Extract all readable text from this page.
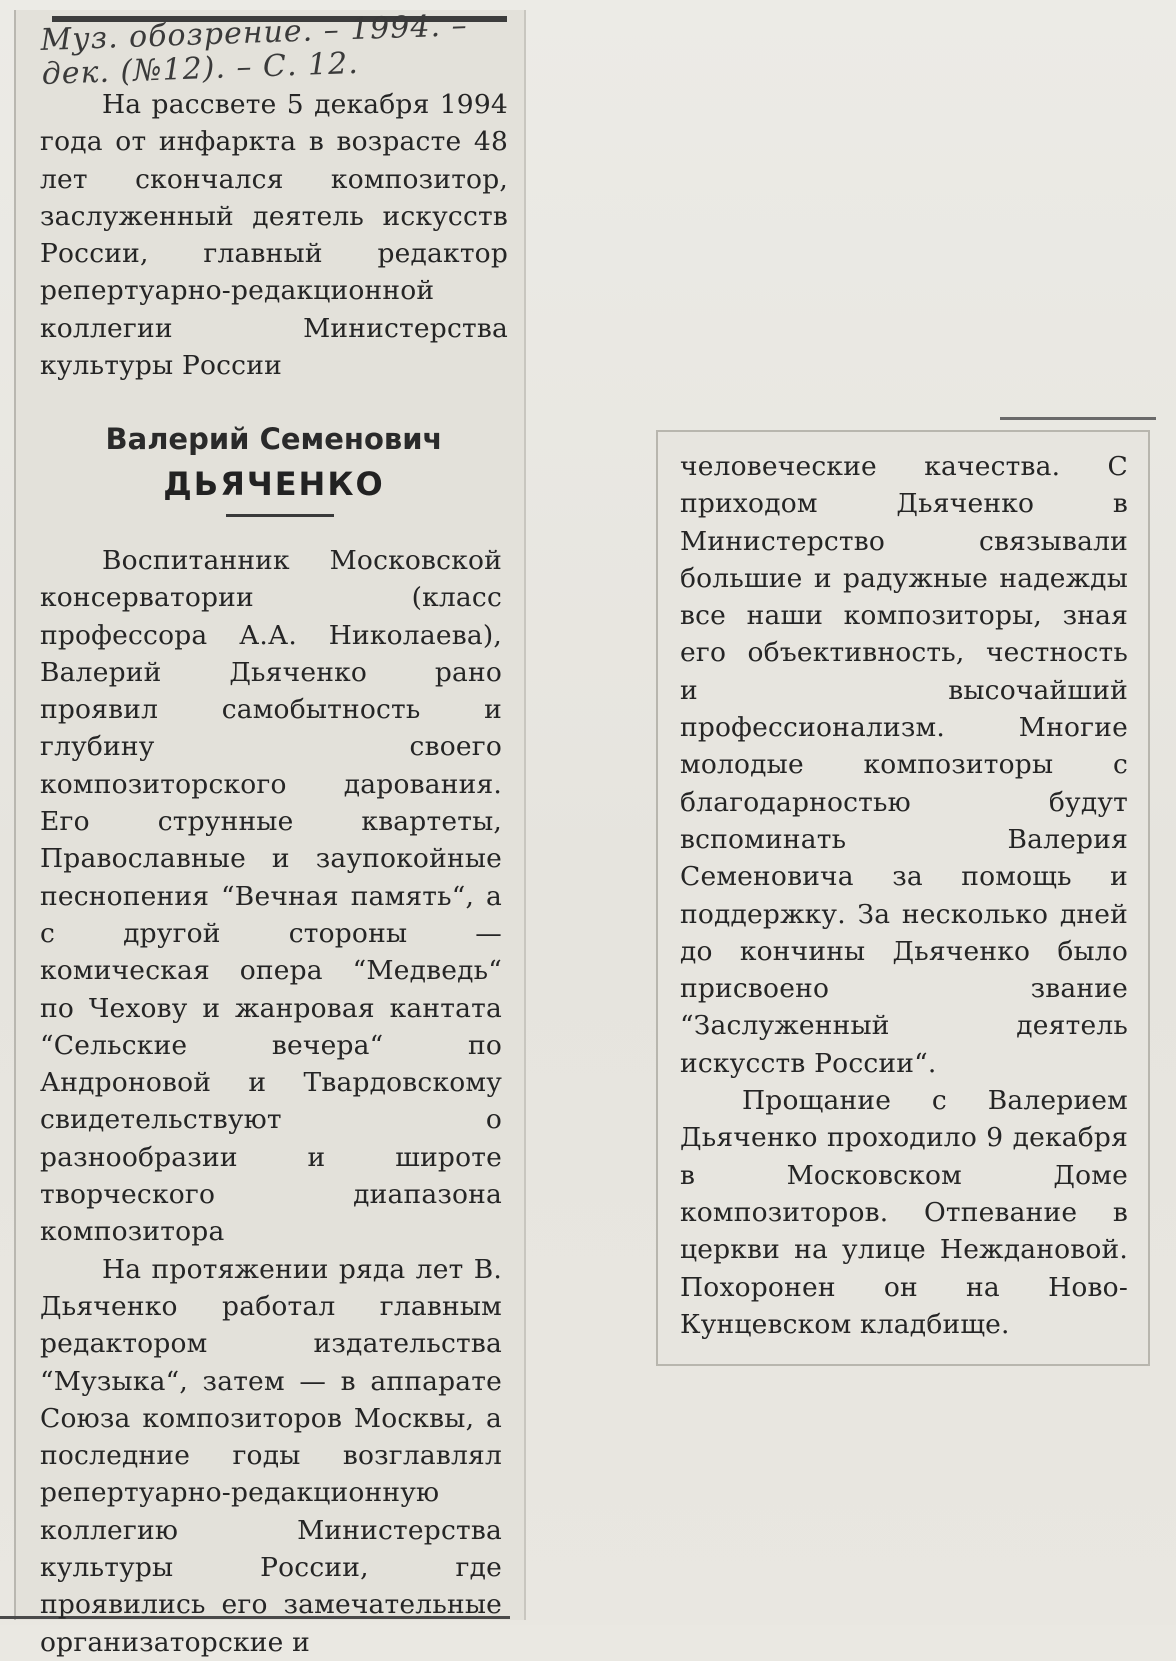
Муз. обозрение. – 1994. –
дек. (№12). – С. 12.

На рассвете 5 декабря 1994 года от инфаркта в возрасте 48 лет скончался композитор, заслуженный деятель искусств России, главный редактор репертуарно-редакционной коллегии Министерства культуры России

Валерий Семенович
ДЬЯЧЕНКО

Воспитанник Московской консерватории (класс профессора А.А. Николаева), Валерий Дьяченко рано проявил самобытность и глубину своего композиторского дарования. Его струнные квартеты, Православные и заупокойные песнопения “Вечная память“, а с другой стороны — комическая опера “Медведь“ по Чехову и жанровая кантата “Сельские вечера“ по Андроновой и Твардовскому свидетельствуют о разнообразии и широте творческого диапазона композитора

На протяжении ряда лет В. Дьяченко работал главным редактором издательства “Музыка“, затем — в аппарате Союза композиторов Москвы, а последние годы возглавлял репертуарно-редакционную коллегию Министерства культуры России, где проявились его замечательные организаторские и

человеческие качества. С приходом Дьяченко в Министерство связывали большие и радужные надежды все наши композиторы, зная его объективность, честность и высочайший профессионализм. Многие молодые композиторы с благодарностью будут вспоминать Валерия Семеновича за помощь и поддержку. За несколько дней до кончины Дьяченко было присвоено звание “Заслуженный деятель искусств России“.

Прощание с Валерием Дьяченко проходило 9 декабря в Московском Доме композиторов. Отпевание в церкви на улице Неждановой. Похоронен он на Ново-Кунцевском кладбище.
